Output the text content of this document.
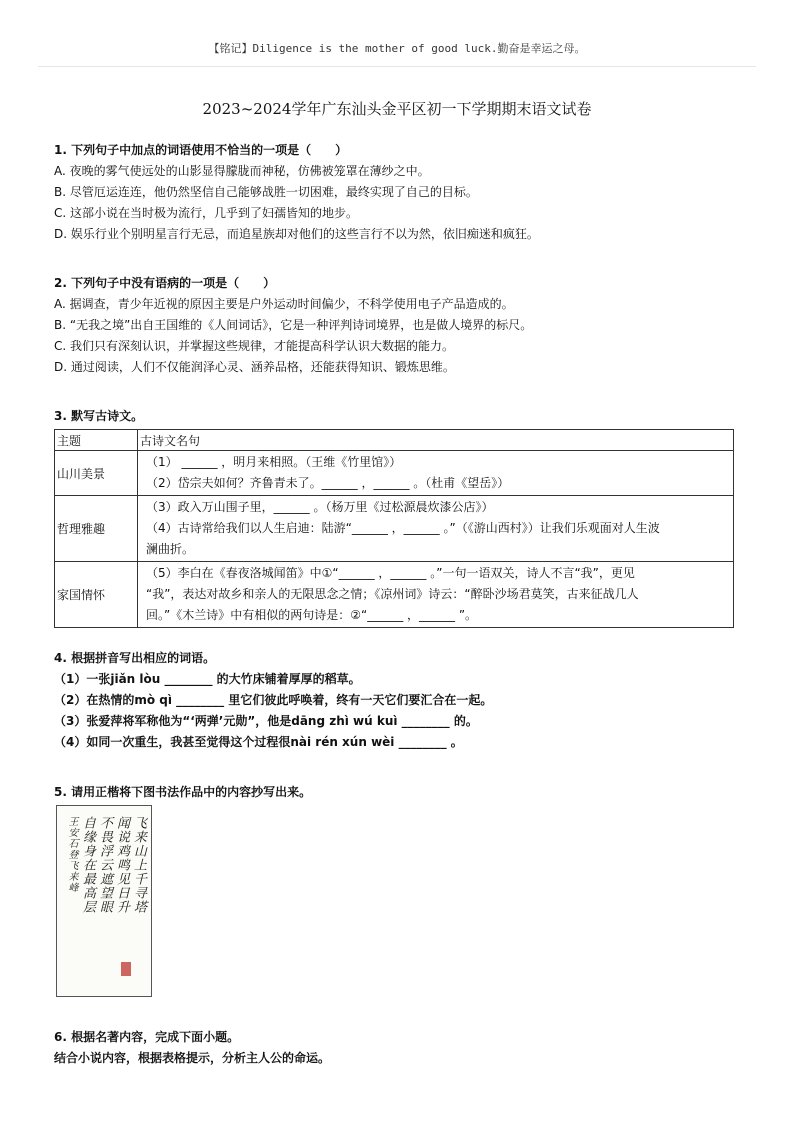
【铭记】Diligence is the mother of good luck.勤奋是幸运之母。
2023~2024学年广东汕头金平区初一下学期期末语文试卷
1. 下列句子中加点的词语使用不恰当的一项是（　　）
A. 夜晚的雾气使远处的山影显得朦胧而神秘，仿佛被笼罩在薄纱之中。
B. 尽管厄运连连，他仍然坚信自己能够战胜一切困难，最终实现了自己的目标。
C. 这部小说在当时极为流行，几乎到了妇孺皆知的地步。
D. 娱乐行业个别明星言行无忌，而追星族却对他们的这些言行不以为然，依旧痴迷和疯狂。
2. 下列句子中没有语病的一项是（　　）
A. 据调查，青少年近视的原因主要是户外运动时间偏少，不科学使用电子产品造成的。
B. “无我之境”出自王国维的《人间词话》，它是一种评判诗词境界，也是做人境界的标尺。
C. 我们只有深刻认识，并掌握这些规律，才能提高科学认识大数据的能力。
D. 通过阅读，人们不仅能润泽心灵、涵养品格，还能获得知识、锻炼思维。
3. 默写古诗文。
主题	古诗文名句
山川美景	（1） ______ ，明月来相照。（王维《竹里馆》）
（2）岱宗夫如何？齐鲁青未了。______ ，______ 。（杜甫《望岳》）

哲理雅趣	（3）政入万山围子里，______ 。（杨万里《过松源晨炊漆公店》）
（4）古诗常给我们以人生启迪：陆游“______ ，______ 。”（《游山西村》）让我们乐观面对人生波
澜曲折。

家国情怀	（5）李白在《春夜洛城闻笛》中①“______ ，______ 。”一句一语双关，诗人不言“我”，更见
“我”，表达对故乡和亲人的无限思念之情；《凉州词》诗云：“醉卧沙场君莫笑，古来征战几人
回。”《木兰诗》中有相似的两句诗是：②“______ ，______ ”。
4. 根据拼音写出相应的词语。
（1）一张jiǎn lòu ________ 的大竹床铺着厚厚的稻草。
（2）在热情的mò qì ________ 里它们彼此呼唤着，终有一天它们要汇合在一起。
（3）张爱萍将军称他为“‘两弹’元勋”，他是dāng zhì wú kuì ________ 的。
（4）如同一次重生，我甚至觉得这个过程很nài rén xún wèi ________ 。
5. 请用正楷将下图书法作品中的内容抄写出来。
飞来山上千寻塔
闻说鸡鸣见日升
不畏浮云遮望眼
自缘身在最高层
王安石登飞来峰
6. 根据名著内容，完成下面小题。
结合小说内容，根据表格提示，分析主人公的命运。
